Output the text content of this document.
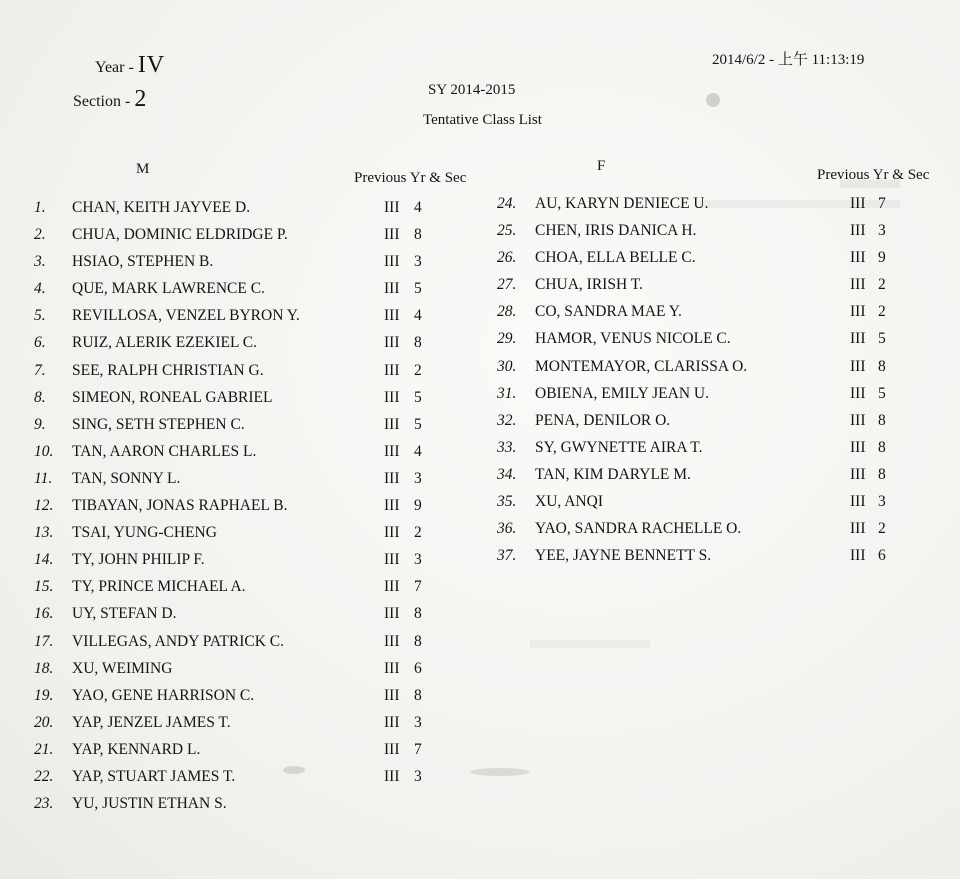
Year - IV
Section - 2
2014/6/2 - 上午 11:13:19
SY 2014-2015
Tentative Class List
M	F
Previous Yr & Sec	Previous Yr & Sec
1. CHAN, KEITH JAYVEE D.	III 4
2. CHUA, DOMINIC ELDRIDGE P.	III 8
3. HSIAO, STEPHEN B.	III 3
4. QUE, MARK LAWRENCE C.	III 5
5. REVILLOSA, VENZEL BYRON Y.	III 4
6. RUIZ, ALERIK EZEKIEL C.	III 8
7. SEE, RALPH CHRISTIAN G.	III 2
8. SIMEON, RONEAL GABRIEL	III 5
9. SING, SETH STEPHEN C.	III 5
10. TAN, AARON CHARLES L.	III 4
11. TAN, SONNY L.	III 3
12. TIBAYAN, JONAS RAPHAEL B.	III 9
13. TSAI, YUNG-CHENG	III 2
14. TY, JOHN PHILIP F.	III 3
15. TY, PRINCE MICHAEL A.	III 7
16. UY, STEFAN D.	III 8
17. VILLEGAS, ANDY PATRICK C.	III 8
18. XU, WEIMING	III 6
19. YAO, GENE HARRISON C.	III 8
20. YAP, JENZEL JAMES T.	III 3
21. YAP, KENNARD L.	III 7
22. YAP, STUART JAMES T.	III 3
23. YU, JUSTIN ETHAN S.
24. AU, KARYN DENIECE U.	III 7
25. CHEN, IRIS DANICA H.	III 3
26. CHOA, ELLA BELLE C.	III 9
27. CHUA, IRISH T.	III 2
28. CO, SANDRA MAE Y.	III 2
29. HAMOR, VENUS NICOLE C.	III 5
30. MONTEMAYOR, CLARISSA O.	III 8
31. OBIENA, EMILY JEAN U.	III 5
32. PENA, DENILOR O.	III 8
33. SY, GWYNETTE AIRA T.	III 8
34. TAN, KIM DARYLE M.	III 8
35. XU, ANQI	III 3
36. YAO, SANDRA RACHELLE O.	III 2
37. YEE, JAYNE BENNETT S.	III 6
